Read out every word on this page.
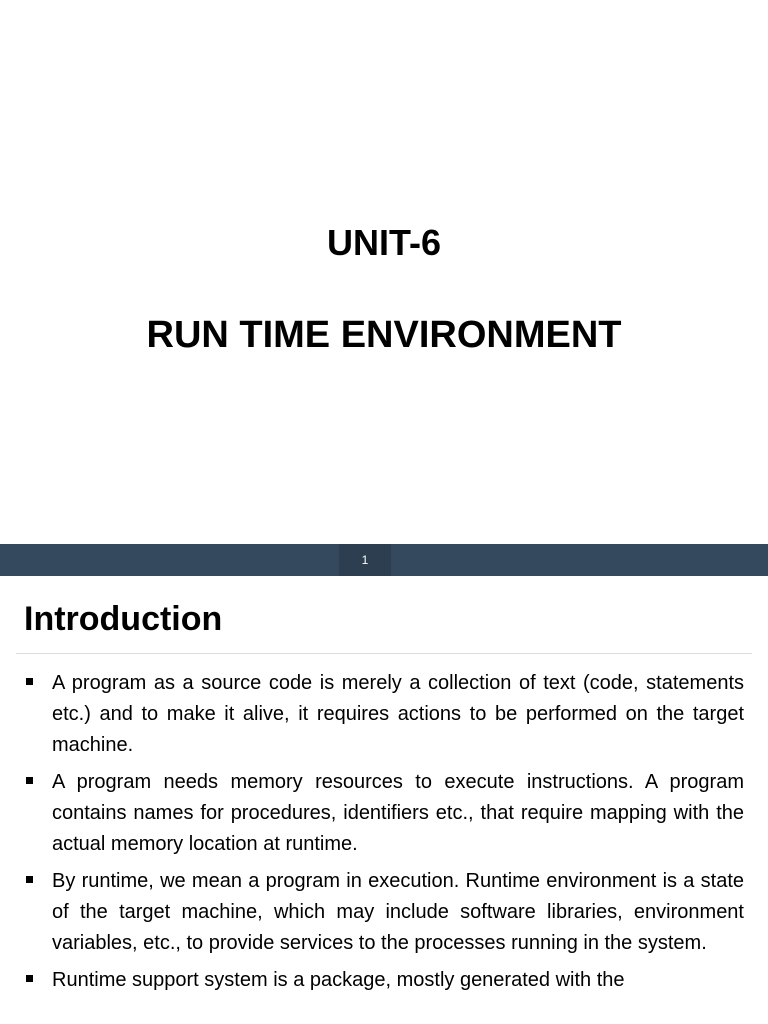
UNIT-6
RUN TIME ENVIRONMENT
1
Introduction
A program as a source code is merely a collection of text (code, statements etc.) and to make it alive, it requires actions to be performed on the target machine.
A program needs memory resources to execute instructions. A program contains names for procedures, identifiers etc., that require mapping with the actual memory location at runtime.
By runtime, we mean a program in execution. Runtime environment is a state of the target machine, which may include software libraries, environment variables, etc., to provide services to the processes running in the system.
Runtime support system is a package, mostly generated with the
